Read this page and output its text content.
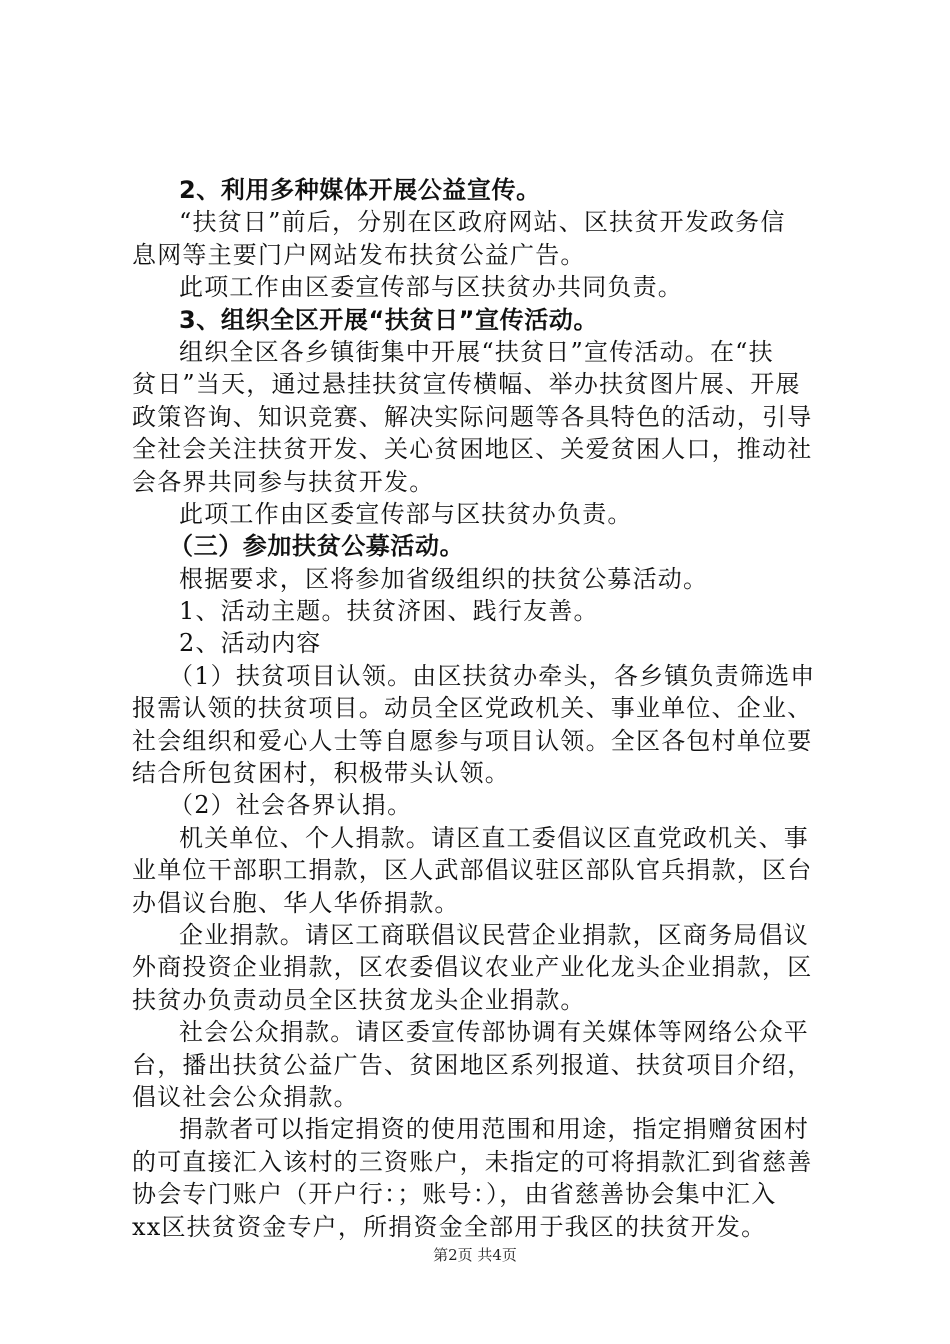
2、利用多种媒体开展公益宣传。
“扶贫日”前后，分别在区政府网站、区扶贫开发政务信
息网等主要门户网站发布扶贫公益广告。
此项工作由区委宣传部与区扶贫办共同负责。
3、组织全区开展“扶贫日”宣传活动。
组织全区各乡镇街集中开展“扶贫日”宣传活动。在“扶
贫日”当天，通过悬挂扶贫宣传横幅、举办扶贫图片展、开展
政策咨询、知识竞赛、解决实际问题等各具特色的活动，引导
全社会关注扶贫开发、关心贫困地区、关爱贫困人口，推动社
会各界共同参与扶贫开发。
此项工作由区委宣传部与区扶贫办负责。
（三）参加扶贫公募活动。
根据要求，区将参加省级组织的扶贫公募活动。
1、活动主题。扶贫济困、践行友善。
2、活动内容
（1）扶贫项目认领。由区扶贫办牵头，各乡镇负责筛选申
报需认领的扶贫项目。动员全区党政机关、事业单位、企业、
社会组织和爱心人士等自愿参与项目认领。全区各包村单位要
结合所包贫困村，积极带头认领。
（2）社会各界认捐。
机关单位、个人捐款。请区直工委倡议区直党政机关、事
业单位干部职工捐款，区人武部倡议驻区部队官兵捐款，区台
办倡议台胞、华人华侨捐款。
企业捐款。请区工商联倡议民营企业捐款，区商务局倡议
外商投资企业捐款，区农委倡议农业产业化龙头企业捐款，区
扶贫办负责动员全区扶贫龙头企业捐款。
社会公众捐款。请区委宣传部协调有关媒体等网络公众平
台，播出扶贫公益广告、贫困地区系列报道、扶贫项目介绍，
倡议社会公众捐款。
捐款者可以指定捐资的使用范围和用途，指定捐赠贫困村
的可直接汇入该村的三资账户，未指定的可将捐款汇到省慈善
协会专门账户（开户行：；账号：），由省慈善协会集中汇入
xx区扶贫资金专户，所捐资金全部用于我区的扶贫开发。
第2页 共4页
